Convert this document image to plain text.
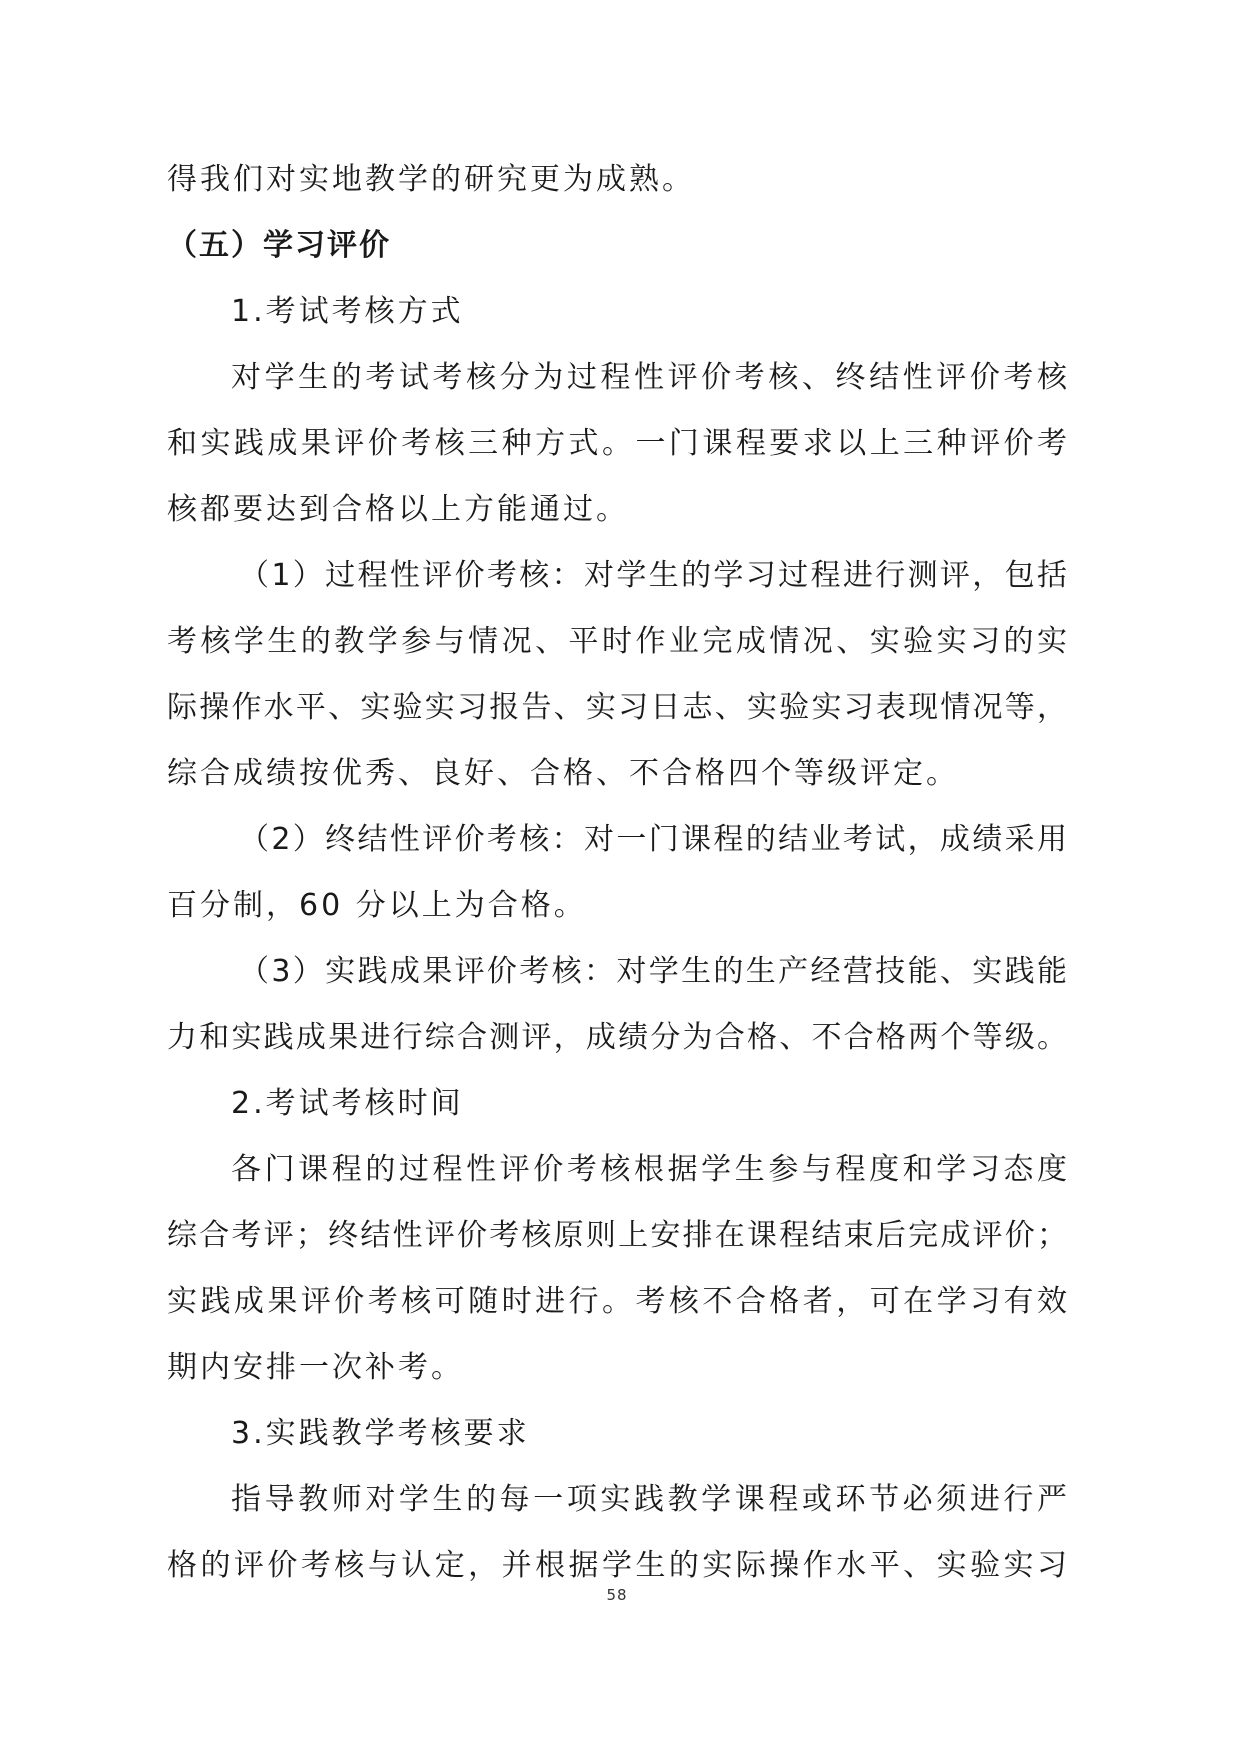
得我们对实地教学的研究更为成熟。
（五）学习评价
1.考试考核方式
对学生的考试考核分为过程性评价考核、终结性评价考核
和实践成果评价考核三种方式。一门课程要求以上三种评价考
核都要达到合格以上方能通过。
（1）过程性评价考核：对学生的学习过程进行测评，包括
考核学生的教学参与情况、平时作业完成情况、实验实习的实
际操作水平、实验实习报告、实习日志、实验实习表现情况等，
综合成绩按优秀、良好、合格、不合格四个等级评定。
（2）终结性评价考核：对一门课程的结业考试，成绩采用
百分制，60 分以上为合格。
（3）实践成果评价考核：对学生的生产经营技能、实践能
力和实践成果进行综合测评，成绩分为合格、不合格两个等级。
2.考试考核时间
各门课程的过程性评价考核根据学生参与程度和学习态度
综合考评；终结性评价考核原则上安排在课程结束后完成评价；
实践成果评价考核可随时进行。考核不合格者，可在学习有效
期内安排一次补考。
3.实践教学考核要求
指导教师对学生的每一项实践教学课程或环节必须进行严
格的评价考核与认定，并根据学生的实际操作水平、实验实习
58
